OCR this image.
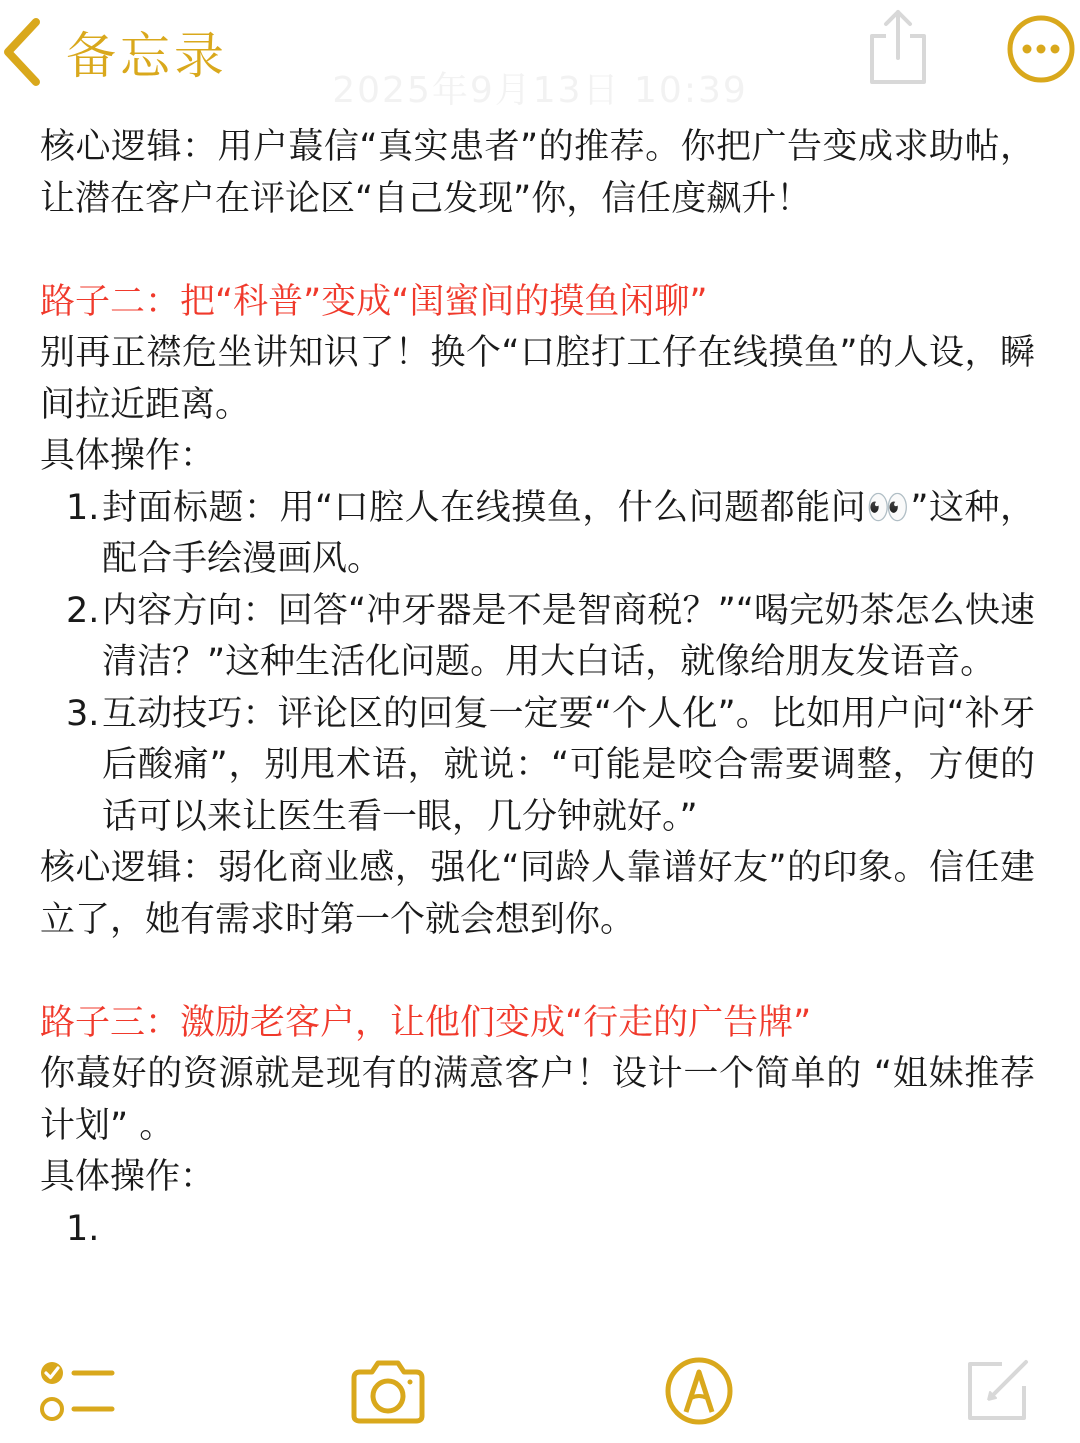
2025年9月13日 10:39
备忘录

核心逻辑：用户蕞信“真实患者”的推荐。你把广告变成求助帖，让潜在客户在评论区“自己发现”你，信任度飙升！

路子二：把“科普”变成“闺蜜间的摸鱼闲聊”

别再正襟危坐讲知识了！换个“口腔打工仔在线摸鱼”的人设，瞬间拉近距离。

具体操作：

1. 封面标题：用“口腔人在线摸鱼，什么问题都能问👀”这种，配合手绘漫画风。
2. 内容方向：回答“冲牙器是不是智商税？”“喝完奶茶怎么快速清洁？”这种生活化问题。用大白话，就像给朋友发语音。
3. 互动技巧：评论区的回复一定要“个人化”。比如用户问“补牙后酸痛”，别甩术语，就说：“可能是咬合需要调整，方便的话可以来让医生看一眼，几分钟就好。”

核心逻辑：弱化商业感，强化“同龄人靠谱好友”的印象。信任建立了，她有需求时第一个就会想到你。

路子三：激励老客户，让他们变成“行走的广告牌”

你蕞好的资源就是现有的满意客户！设计一个简单的 “姐妹推荐计划” 。

具体操作：

1.
